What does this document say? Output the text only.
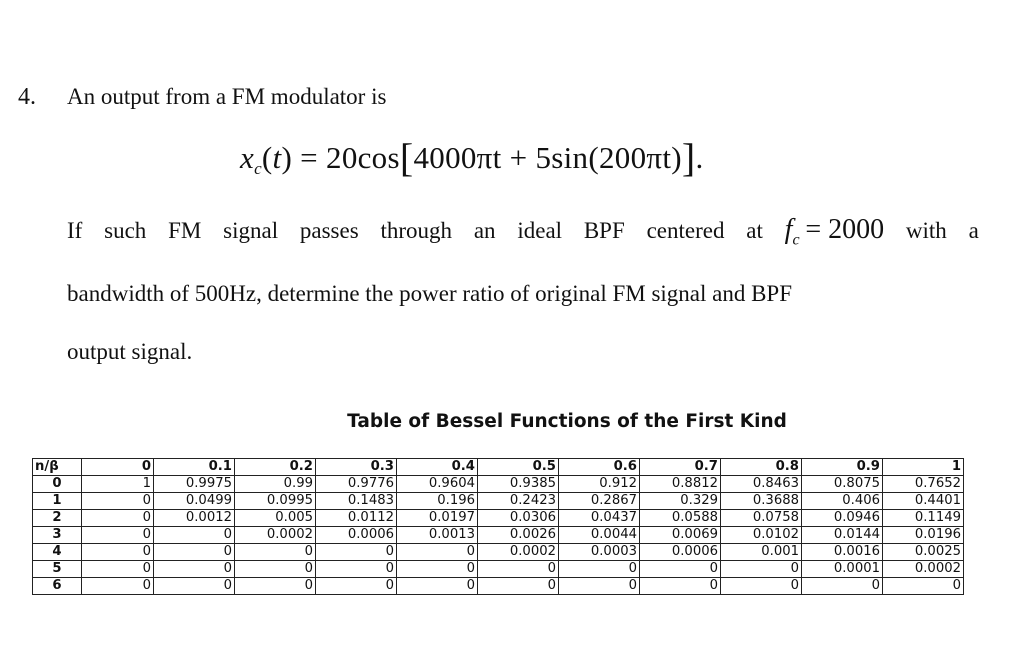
4. An output from a FM modulator is
$x_c(t) = 20\cos[4000\pi t + 5\sin(200\pi t)]$.
If such FM signal passes through an ideal BPF centered at $f_c = 2000$ with a
bandwidth of 500Hz, determine the power ratio of original FM signal and BPF
output signal.
Table of Bessel Functions of the First Kind
n/β	0	0.1	0.2	0.3	0.4	0.5	0.6	0.7	0.8	0.9	1
0	1	0.9975	0.99	0.9776	0.9604	0.9385	0.912	0.8812	0.8463	0.8075	0.7652
1	0	0.0499	0.0995	0.1483	0.196	0.2423	0.2867	0.329	0.3688	0.406	0.4401
2	0	0.0012	0.005	0.0112	0.0197	0.0306	0.0437	0.0588	0.0758	0.0946	0.1149
3	0	0	0.0002	0.0006	0.0013	0.0026	0.0044	0.0069	0.0102	0.0144	0.0196
4	0	0	0	0	0	0.0002	0.0003	0.0006	0.001	0.0016	0.0025
5	0	0	0	0	0	0	0	0	0	0.0001	0.0002
6	0	0	0	0	0	0	0	0	0	0	0
